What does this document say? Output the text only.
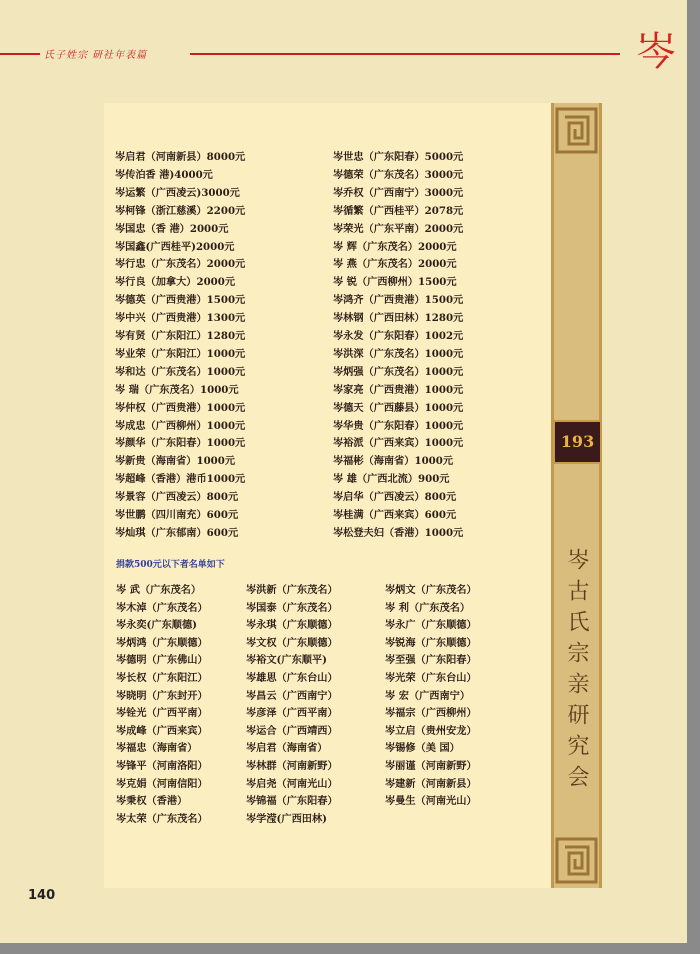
氏子姓宗 研社年表篇	岑
岑启君（河南新县）8000元
岑传泊香 港)4000元
岑运繁（广西凌云)3000元
岑柯锋（浙江慈溪）2200元
岑国忠（香 港）2000元
岑国鑫(广西桂平)2000元
岑行忠（广东茂名）2000元
岑行良（加拿大）2000元
岑德英（广西贵港）1500元
岑中兴（广西贵港）1300元
岑有贤（广东阳江）1280元
岑业荣（广东阳江）1000元
岑和达（广东茂名）1000元
岑 瑞（广东茂名）1000元
岑仲权（广西贵港）1000元
岑成忠（广西柳州）1000元
岑颜华（广东阳春）1000元
岑新贵（海南省）1000元
岑超峰（香港）港币1000元
岑景容（广西凌云）800元
岑世鹏（四川南充）600元
岑灿琪（广东郁南）600元
岑世忠（广东阳春）5000元
岑德荣（广东茂名）3000元
岑乔权（广西南宁）3000元
岑循繁（广西桂平）2078元
岑荣光（广东平南）2000元
岑 辉（广东茂名）2000元
岑 燕（广东茂名）2000元
岑 锐（广西柳州）1500元
岑鸿齐（广西贵港）1500元
岑林钢（广西田林）1280元
岑永发（广东阳春）1002元
岑洪深（广东茂名）1000元
岑炳强（广东茂名）1000元
岑家亮（广西贵港）1000元
岑德天（广西藤县）1000元
岑华贵（广东阳春）1000元
岑裕派（广西来宾）1000元
岑福彬（海南省）1000元
岑 雄（广西北流）900元
岑启华（广西凌云）800元
岑桂满（广西来宾）600元
岑松登夫妇（香港）1000元
捐款500元以下者名单如下
岑 武（广东茂名）
岑木淖（广东茂名）
岑永奕(广东顺德)
岑炳鸿（广东顺德）
岑德明（广东佛山）
岑长权（广东阳江）
岑晓明（广东封开）
岑铨光（广西平南）
岑成峰（广西来宾）
岑福忠（海南省）
岑锋平（河南洛阳）
岑克娟（河南信阳）
岑秉权（香港）
岑太荣（广东茂名）
岑洪新（广东茂名）
岑国泰（广东茂名）
岑永琪（广东顺德）
岑文权（广东顺德）
岑裕文(广东顺平)
岑雄思（广东台山）
岑昌云（广西南宁）
岑彦泽（广西平南）
岑运合（广西靖西）
岑启君（海南省）
岑林群（河南新野）
岑启尧（河南光山）
岑锦福（广东阳春）
岑学滢(广西田林)
岑炳文（广东茂名）
岑 利（广东茂名）
岑永广（广东顺德）
岑锐海（广东顺德）
岑至强（广东阳春）
岑光荣（广东台山）
岑 宏（广西南宁）
岑福宗（广西柳州）
岑立启（贵州安龙）
岑锡修（美 国）
岑丽谨（河南新野）
岑建新（河南新县）
岑曼生（河南光山）
193
岑古氏宗亲研究会
140
